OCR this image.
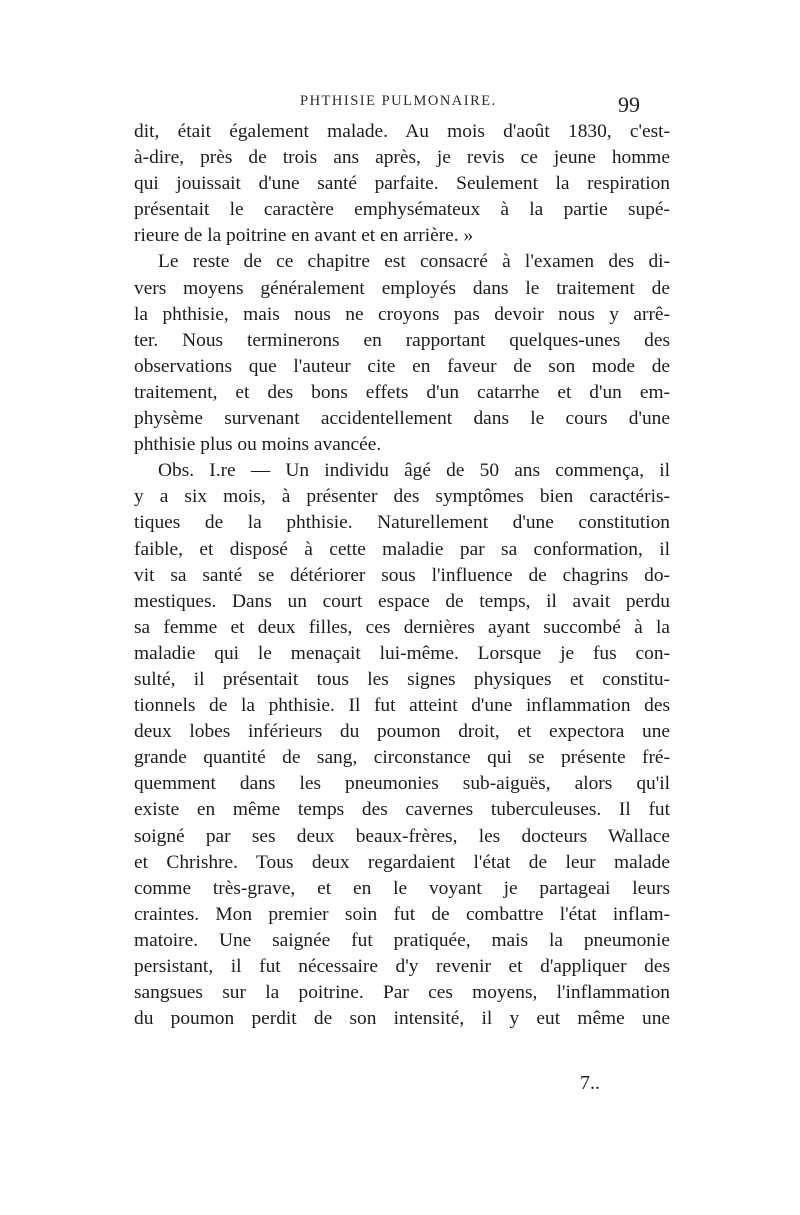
PHTHISIE PULMONAIRE.	99
dit, était également malade. Au mois d'août 1830, c'est-
à-dire, près de trois ans après, je revis ce jeune homme
qui jouissait d'une santé parfaite. Seulement la respiration
présentait le caractère emphysémateux à la partie supé-
rieure de la poitrine en avant et en arrière. »
Le reste de ce chapitre est consacré à l'examen des di-
vers moyens généralement employés dans le traitement de
la phthisie, mais nous ne croyons pas devoir nous y arrê-
ter. Nous terminerons en rapportant quelques-unes des
observations que l'auteur cite en faveur de son mode de
traitement, et des bons effets d'un catarrhe et d'un em-
physème survenant accidentellement dans le cours d'une
phthisie plus ou moins avancée.
Obs. I.re — Un individu âgé de 50 ans commença, il
y a six mois, à présenter des symptômes bien caractéris-
tiques de la phthisie. Naturellement d'une constitution
faible, et disposé à cette maladie par sa conformation, il
vit sa santé se détériorer sous l'influence de chagrins do-
mestiques. Dans un court espace de temps, il avait perdu
sa femme et deux filles, ces dernières ayant succombé à la
maladie qui le menaçait lui-même. Lorsque je fus con-
sulté, il présentait tous les signes physiques et constitu-
tionnels de la phthisie. Il fut atteint d'une inflammation des
deux lobes inférieurs du poumon droit, et expectora une
grande quantité de sang, circonstance qui se présente fré-
quemment dans les pneumonies sub-aiguës, alors qu'il
existe en même temps des cavernes tuberculeuses. Il fut
soigné par ses deux beaux-frères, les docteurs Wallace
et Chrishre. Tous deux regardaient l'état de leur malade
comme très-grave, et en le voyant je partageai leurs
craintes. Mon premier soin fut de combattre l'état inflam-
matoire. Une saignée fut pratiquée, mais la pneumonie
persistant, il fut nécessaire d'y revenir et d'appliquer des
sangsues sur la poitrine. Par ces moyens, l'inflammation
du poumon perdit de son intensité, il y eut même une
7..
